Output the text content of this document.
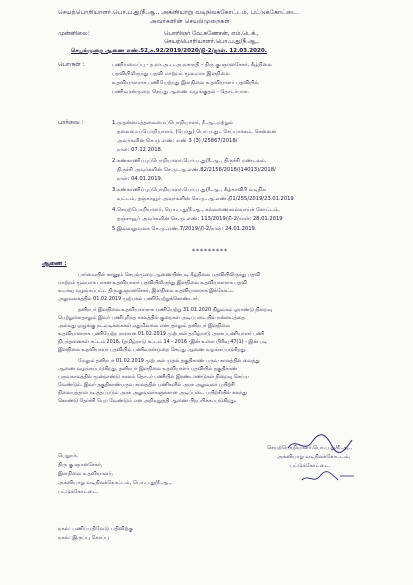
செயற்பொறியாளர்.பொ.ப.து/நீ.ஆ., அக்னியாறு வடிநிலக்கோட்டம், பட்டுக்கோட்டை.
அவர்களின் செயல்முறைகள்
முன்னிலை:	பொறிஞர் வே.கணேசன், எம்.டெக்.,
செயற்பொறியாளர்.பொ.ப.து/நீ.ஆ.,
செயல்முறை ஆணை எண்.52,க.92/2019/2020/நி-2/நாள். 12.03.2020.
பொருள் :	பணியமைப்பு - த.நா.அ.ப.அ.நசாநதி - திரு கு.ஞானசேகர், கீழ்நிலை
பதவியிலிருந்து பதவி மாற்றம் மூலமாக இளநிலை
உதவியாளராக பணியேற்றது இளநிலை உதவியாளர் பதவியில்
பணிவரன்முறை செய்து ஆணை வழங்குதல் - தொடர்பாக.
பார்வை :	1.முதன்மைத்தலைமைப்பொறியாளர், நீ.ஆ.,மற்றும்
தலைமைப்பொறியாளர், (பொது) பொ.ப.து., சேப்பாக்கம், சென்னை
அவர்களின் செ.மு.எண்: எண் 3 (3) /25867/2018/
நாள்: 07.12.2018.
2.கண்காணிப்புப்பொறியாளர்.பொ.ப.து/நீ.ஆ., திருச்சி மண்டலம்,
திருச்சி அவர்களின் செ.மு.ஆ.எண்.82/2156/2018/(14013)/2018/
நாள்: 04.01.2019.
3.கண்காணிப்புப்பொறியாளர்.பொ.ப.து/நீ.ஆ., கீழ்காவிரி வடிநில
வட்டம், தஞ்சாவூர் அவர்களின் செ.மு.ஆ.எண்.நி1/255/2019/23.01.2019
4.செயற்பொறியாளர், பொ.ப.து/நீ.ஆ., கல்லணைகால்வாய்க் கோட்டம்,
தஞ்சாவூர் அவர்களின் செ.மு.எண்: 113/2019/நி-2/நாள்: 28.01.2019
5.இவ்வலுவலக செ.மு.எண்.7/2019/நி-2/நாள்: 24.01.2019.
*********
ஆணை :
பார்வையில் காணும் செயல்முறை ஆணையின்படி கீழ்நிலை பதவியிலிருந்து பதவி
மாற்றம் மூலமாக பாசன உதவியாளர் பதவியிலிருந்து இளநிலை உதவியாளராக பதவி
உயர்வு வழங்கப்பட்ட திரு.கு.ஞானசேகர், இளநிலை உதவியாளராக இக்கோட்ட
அலுவலகத்தில் 01.02.2019 முற்பகல் பணியேற்றுக்கொண்டார்.
தனிநபர் இளநிலை உதவியாளராக பணியேற்று 31.01.2020 நிறுவகம் ஓராண்டு நிறைவு
பெற்றுள்ளதாலும் இவர் பணிபுரிந்த காலத்தில் குறைகள் அடிப்படையில் நன்னடத்தை
அல்லது ஒழுங்கு நடவடிக்கைகள் ஏதுமில்லை என்பதாலும் தனிநபர் இளநிலை
உதவியாளராக பணியேற்ற நாளான 01.02.2019 முற்பகல் தமிழ்நாடு அரசுப்பணியாளர் பணி
நிபந்தனைகள் சட்டம் 2016, (தமிழ்நாடு சட்டம் 14 - 2016 -இன் உள்ள பிரிவு 47(1) - இன் படி
இளநிலை உதவியாளர் பதவியில் பணிவரன்முறை செய்து ஆணை வழங்கப்படுகிறது.
மேலும் தனிநபர் 01.02.2019 முற்பகல் முதல் தகுதிகாண் பருவ காலத்தில் வைத்து
ஆணை வழங்கப்படுகிறது. தனிநபர் இளநிலை உதவியாளர் பதவியில் தகுதிகாண்
பருவகாலத்தில் மூன்றாண்டு காலம் தொடர் பணியில் இரண்டாண்டுகள் நிறைவு செய்ய
வேண்டும். இவர் தகுதிகாண்பருவ காலத்தில் பணிகளில் அரசு அலுவலர் பயிற்சி
நிலையத்தால் நடத்தப்படும் அரசு அலுவலர்களுக்கான அடிப்படை பயிற்சியில் கலந்து
கொண்டு தேர்ச்சி பெற வேண்டும் என அறிவுறுத்தி ஆணை பிறப்பிக்கப்படுகிறது.
பெறுநர்,
திரு கு.ஞானசேகர்,
இளநிலை உதவியாளர்,
அக்னியாறு வடிநிலக்கோட்டம், பொ.ப.து/நீ.ஆ.,
பட்டுக்கோட்டை.
செயற்பொறியாளர்.பொ.ப.து/நீ.ஆ.,
அக்னியாறு வடிநிலக்கோட்டம்,
பட்டுக்கோட்டை.
நகல்: பணிப்பதிவேடு பதிவிற்கு
நகல்: இருப்பு கோப்பு
